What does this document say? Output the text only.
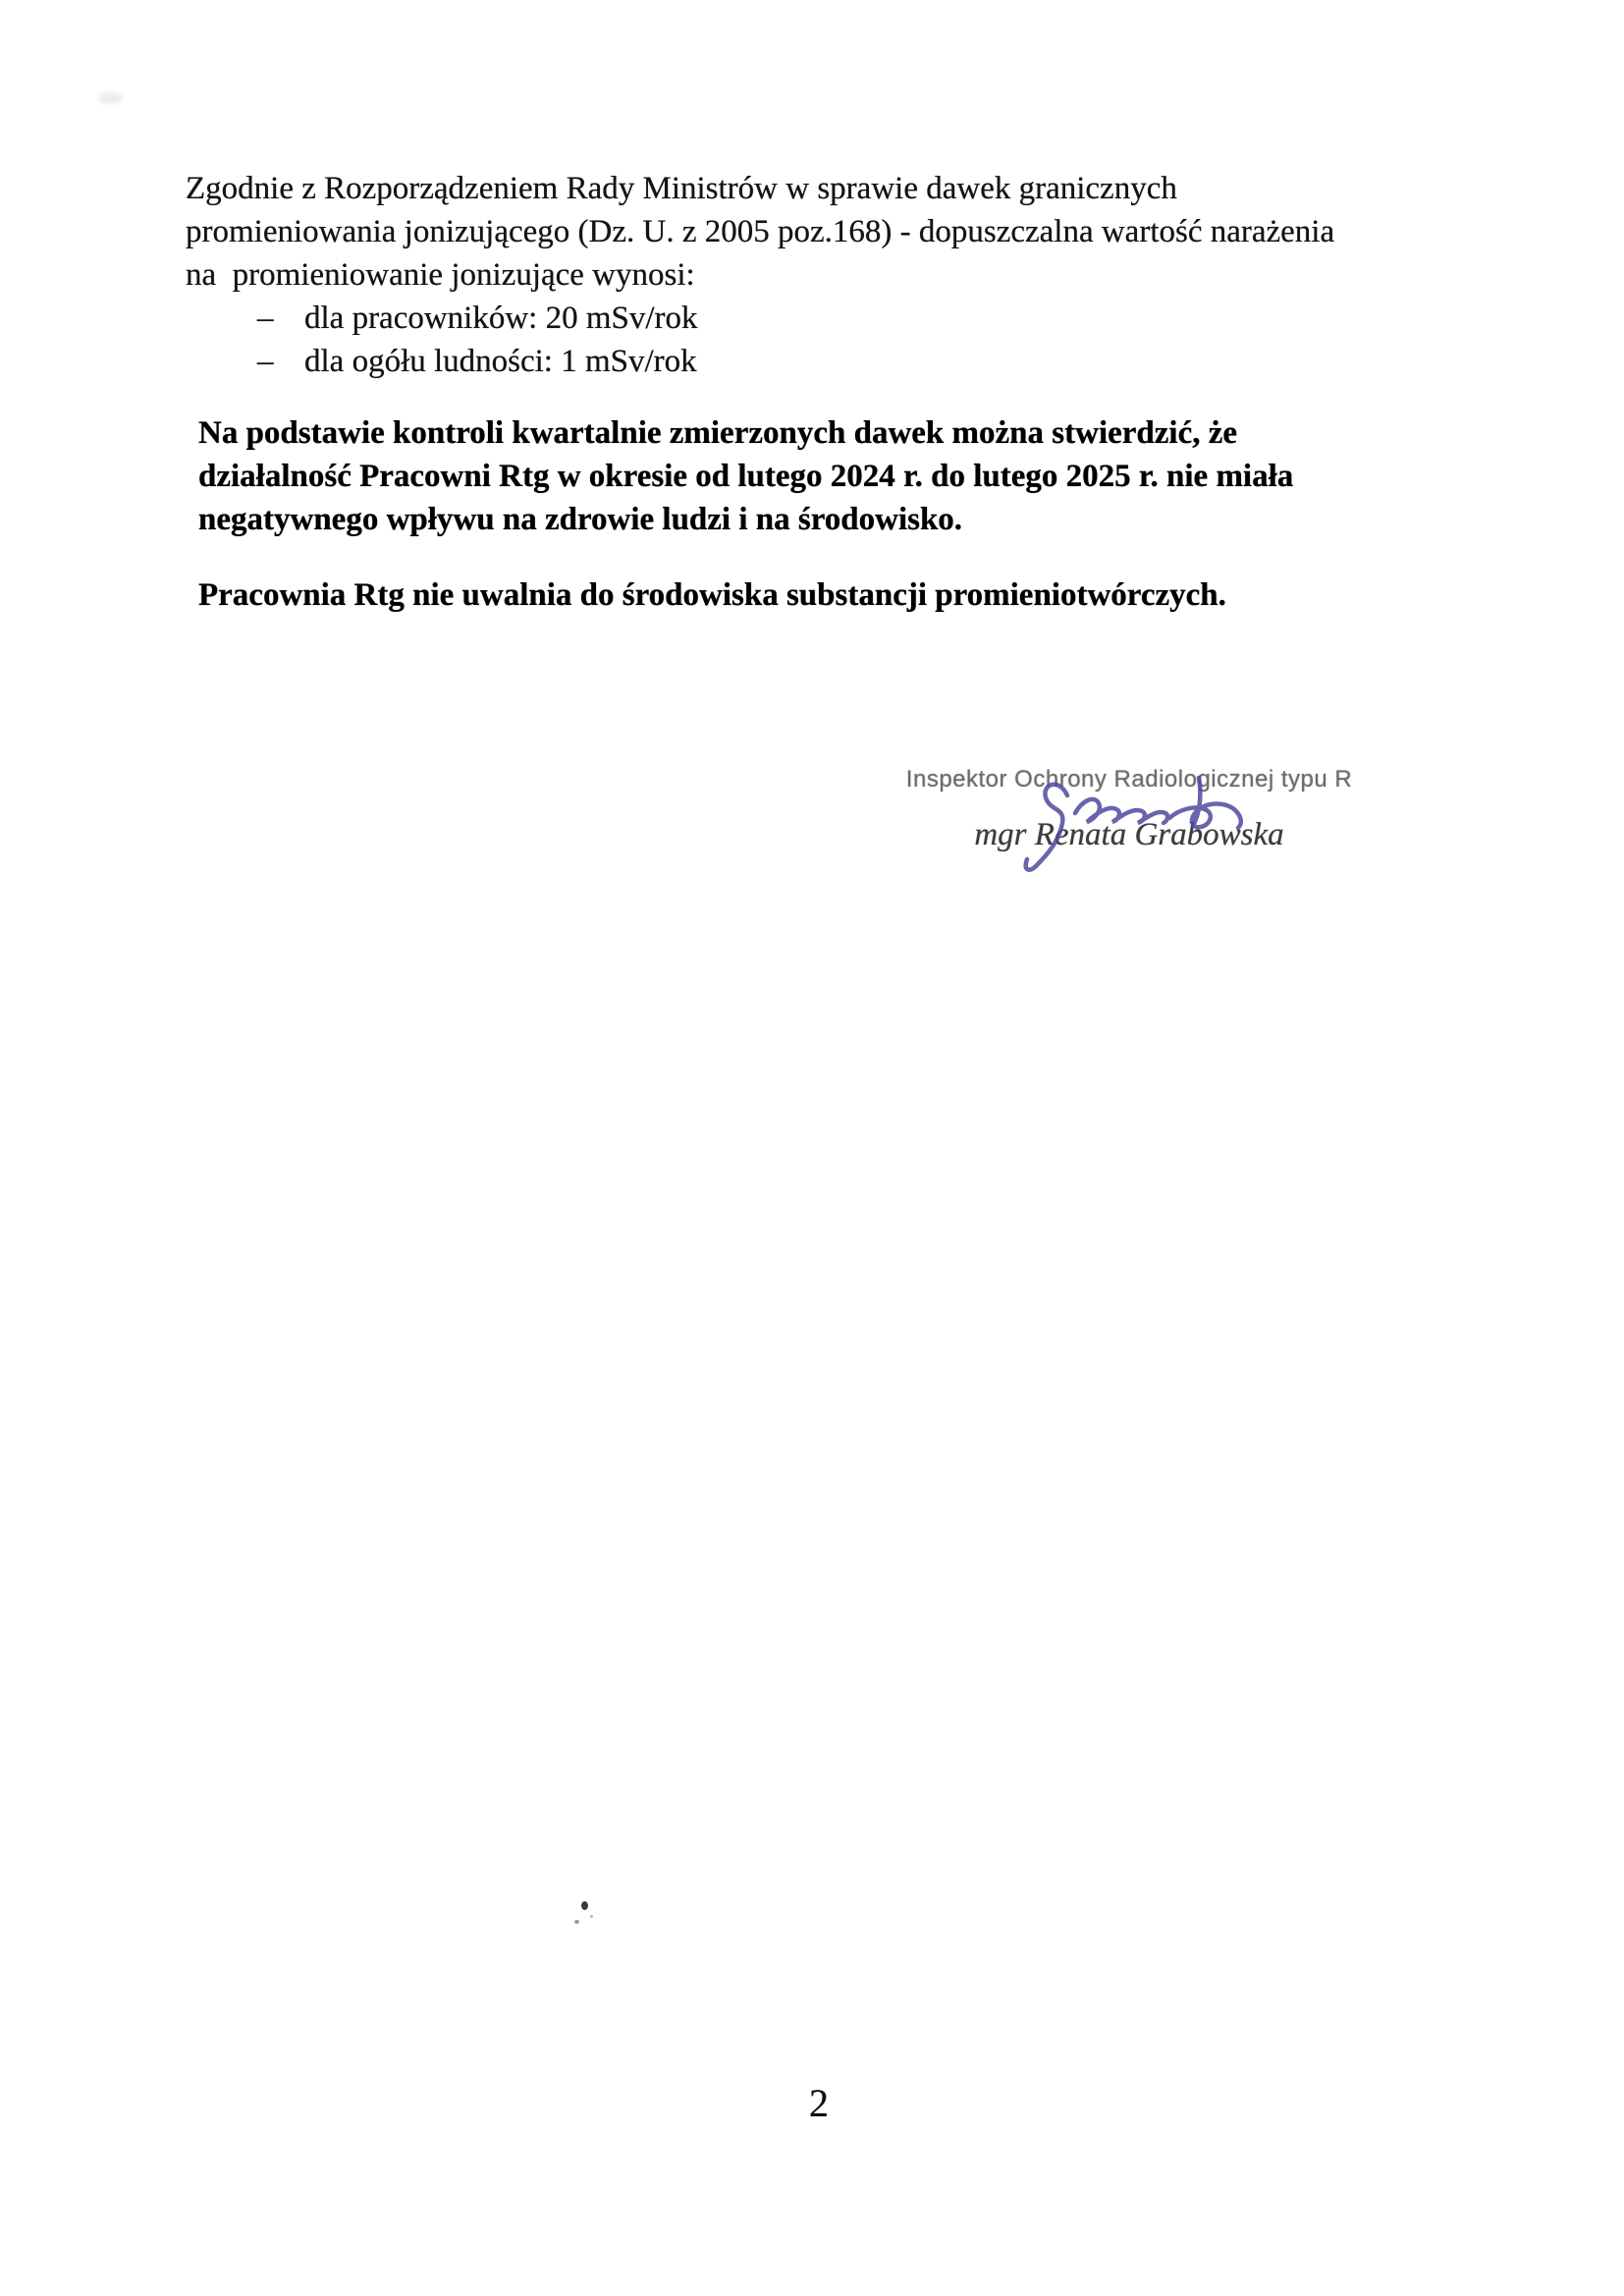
Zgodnie z Rozporządzeniem Rady Ministrów w sprawie dawek granicznych
promieniowania jonizującego (Dz. U. z 2005 poz.168) - dopuszczalna wartość narażenia
na  promieniowanie jonizujące wynosi:
– dla pracowników: 20 mSv/rok
– dla ogółu ludności: 1 mSv/rok
Na podstawie kontroli kwartalnie zmierzonych dawek można stwierdzić, że
działalność Pracowni Rtg w okresie od lutego 2024 r. do lutego 2025 r. nie miała
negatywnego wpływu na zdrowie ludzi i na środowisko.
Pracownia Rtg nie uwalnia do środowiska substancji promieniotwórczych.
Inspektor Ochrony Radiologicznej typu R
mgr Renata Grabowska
2
